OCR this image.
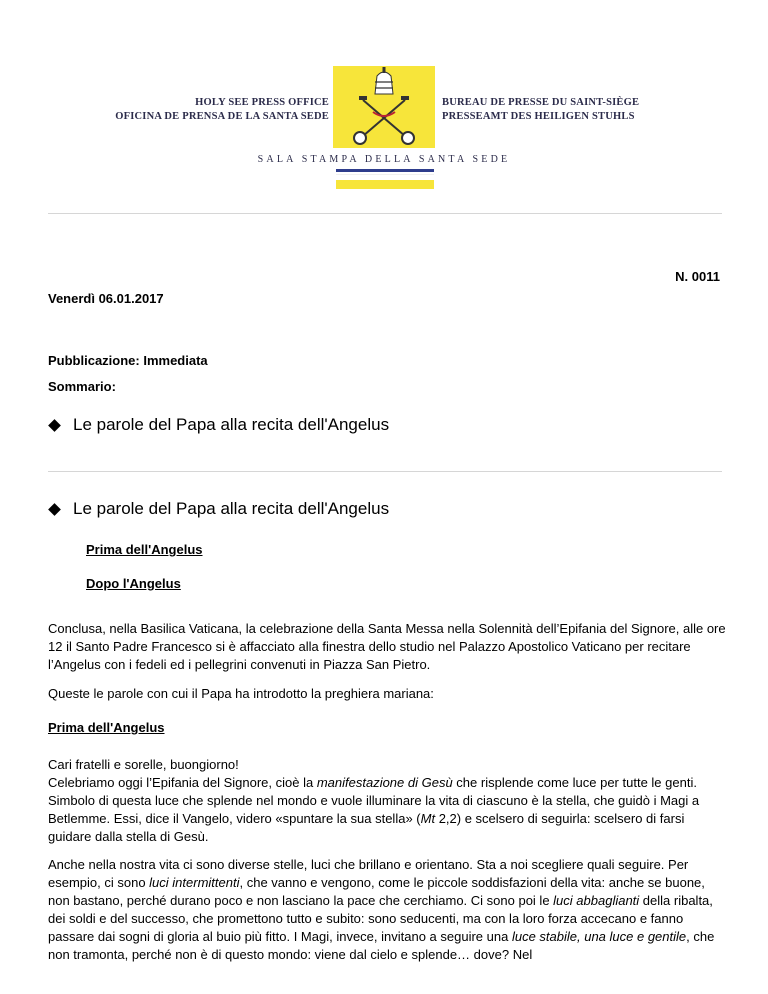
HOLY SEE PRESS OFFICE
OFICINA DE PRENSA DE LA SANTA SEDE
BUREAU DE PRESSE DU SAINT-SIÈGE
PRESSEAMT DES HEILIGEN STUHLS
SALA STAMPA DELLA SANTA SEDE
N. 0011
Venerdì 06.01.2017
Pubblicazione: Immediata
Sommario:
Le parole del Papa alla recita dell'Angelus
Le parole del Papa alla recita dell'Angelus
Prima dell'Angelus
Dopo l'Angelus

Conclusa, nella Basilica Vaticana, la celebrazione della Santa Messa nella Solennità dell’Epifania del Signore, alle ore 12 il Santo Padre Francesco si è affacciato alla finestra dello studio nel Palazzo Apostolico Vaticano per recitare l’Angelus con i fedeli ed i pellegrini convenuti in Piazza San Pietro.

Queste le parole con cui il Papa ha introdotto la preghiera mariana:

Prima dell'Angelus

Cari fratelli e sorelle, buongiorno!
Celebriamo oggi l’Epifania del Signore, cioè la manifestazione di Gesù che risplende come luce per tutte le genti. Simbolo di questa luce che splende nel mondo e vuole illuminare la vita di ciascuno è la stella, che guidò i Magi a Betlemme. Essi, dice il Vangelo, videro «spuntare la sua stella» (Mt 2,2) e scelsero di seguirla: scelsero di farsi guidare dalla stella di Gesù.

Anche nella nostra vita ci sono diverse stelle, luci che brillano e orientano. Sta a noi scegliere quali seguire. Per esempio, ci sono luci intermittenti, che vanno e vengono, come le piccole soddisfazioni della vita: anche se buone, non bastano, perché durano poco e non lasciano la pace che cerchiamo. Ci sono poi le luci abbaglianti della ribalta, dei soldi e del successo, che promettono tutto e subito: sono seducenti, ma con la loro forza accecano e fanno passare dai sogni di gloria al buio più fitto. I Magi, invece, invitano a seguire una luce stabile, una luce e gentile, che non tramonta, perché non è di questo mondo: viene dal cielo e splende… dove? Nel
